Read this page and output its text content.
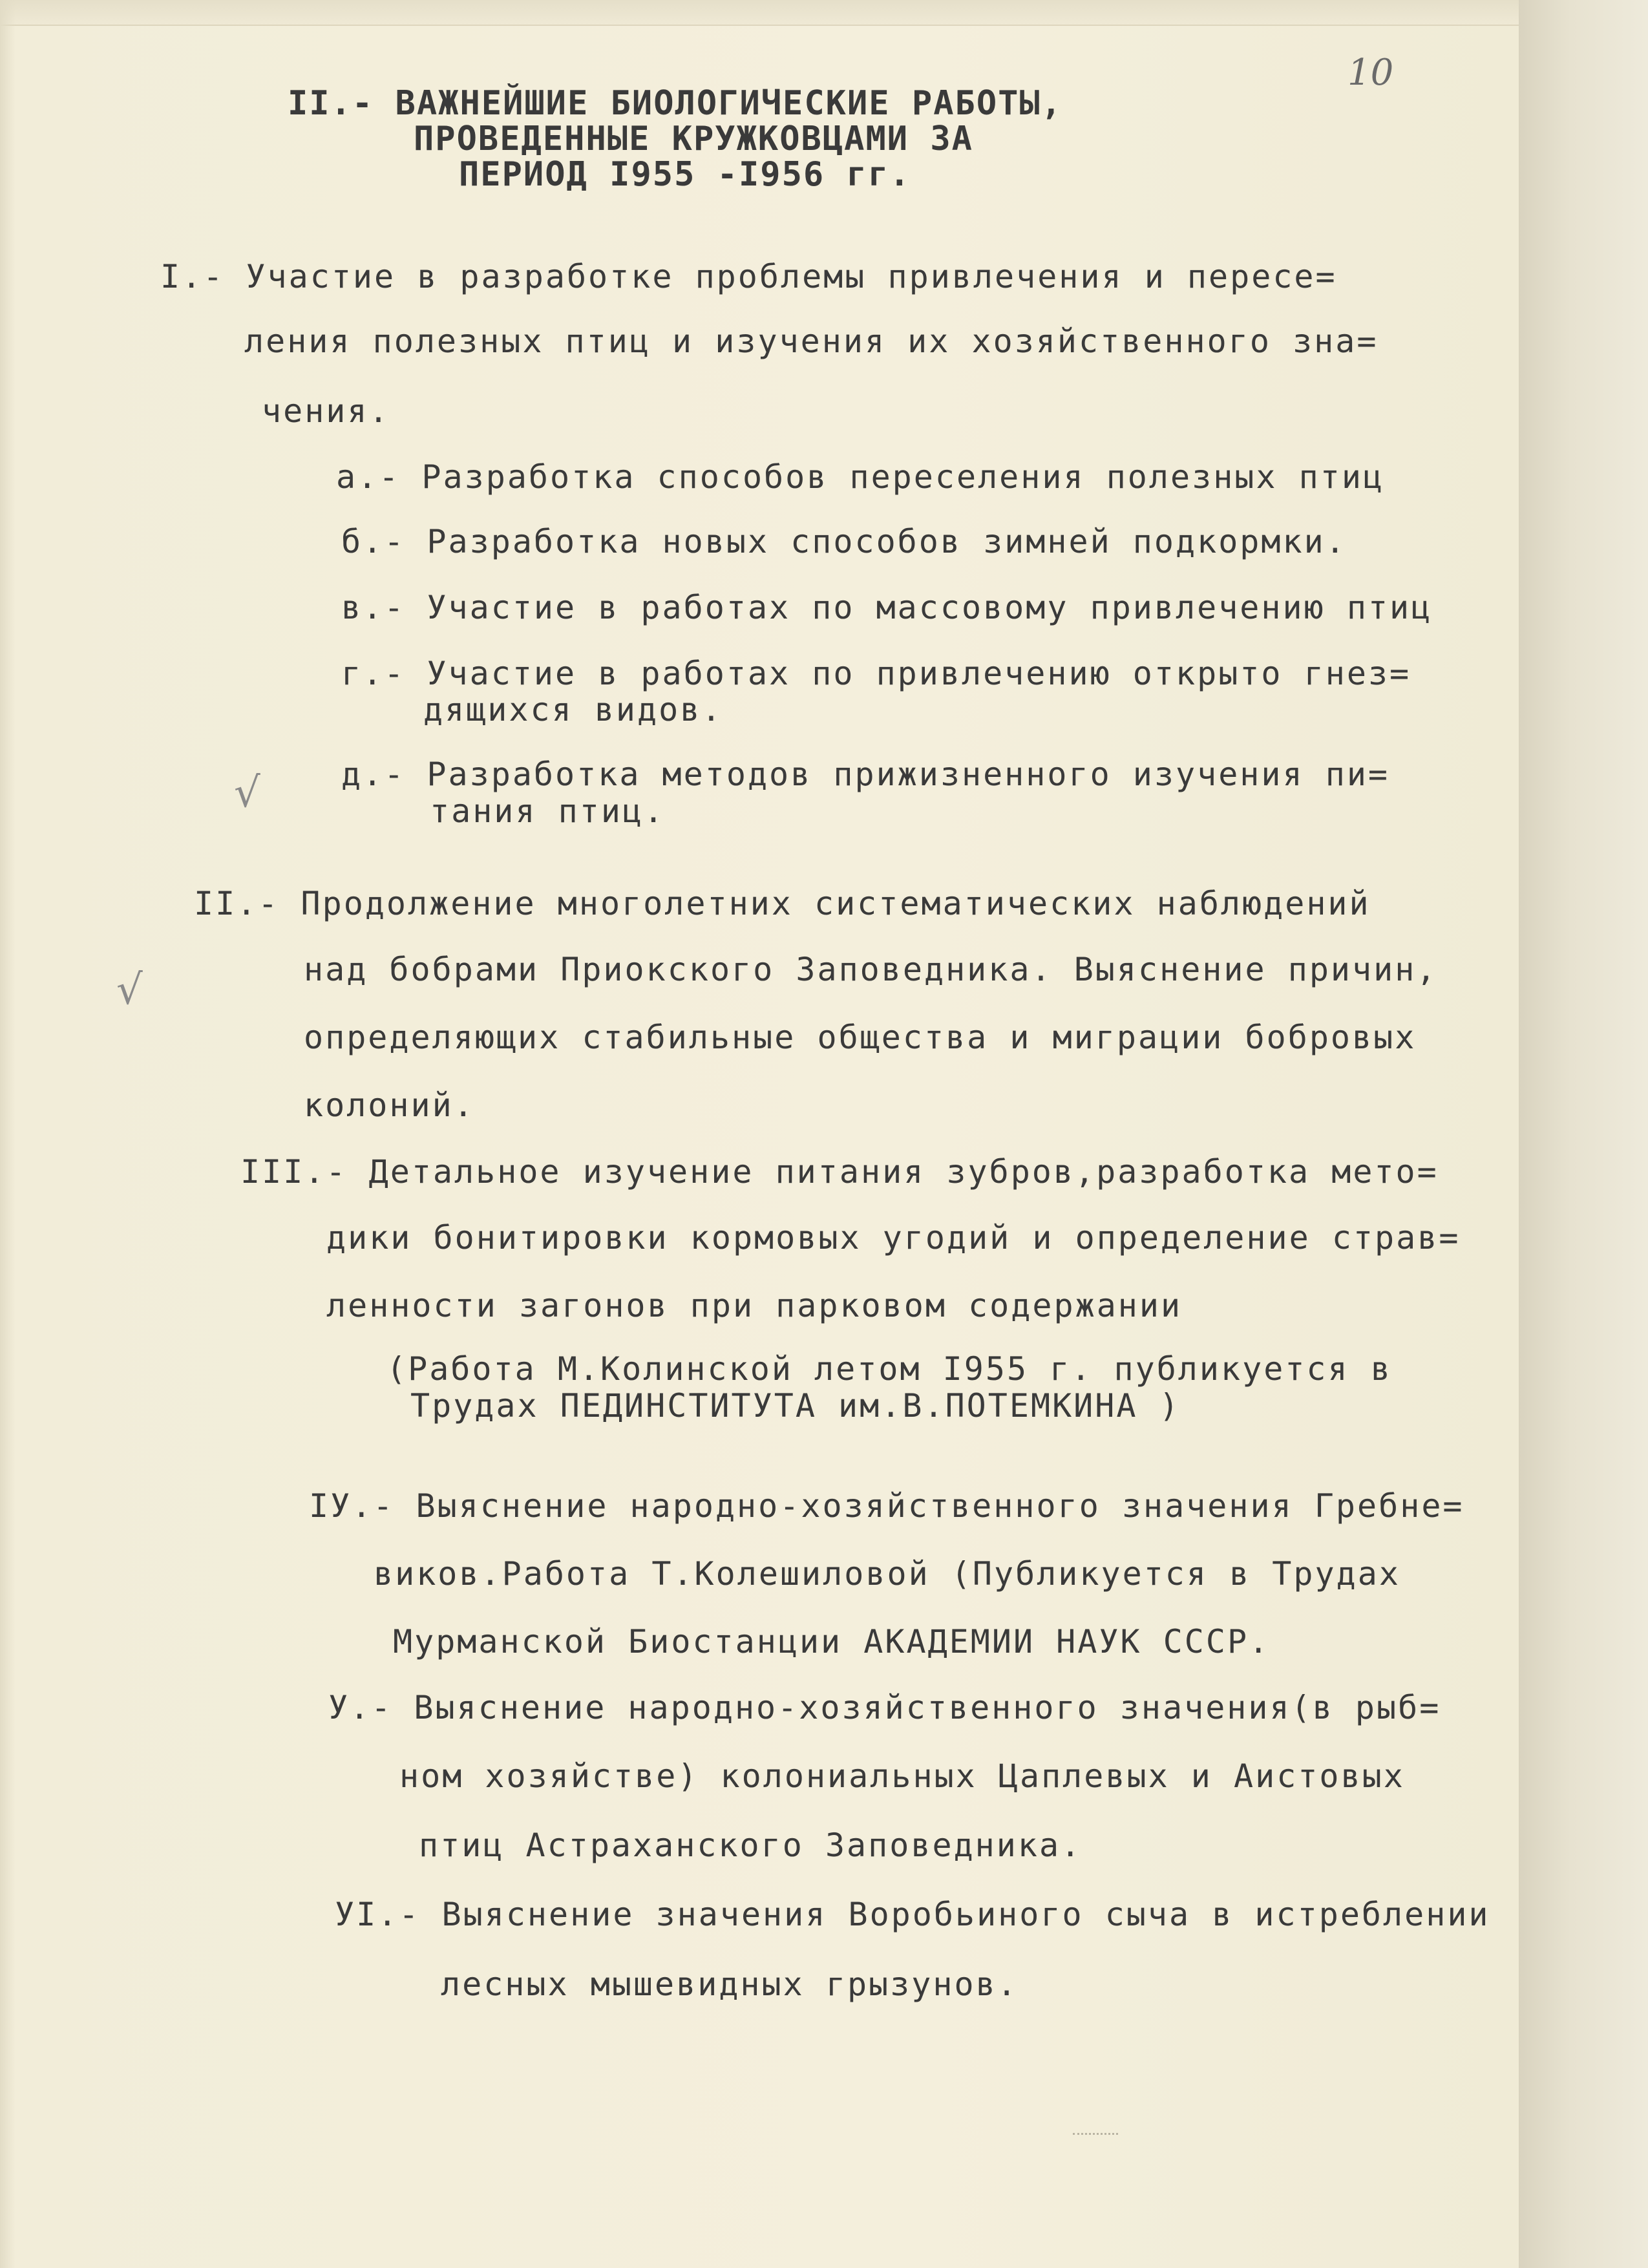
10
II.- ВАЖНЕЙШИЕ БИОЛОГИЧЕСКИЕ РАБОТЫ,
ПРОВЕДЕННЫЕ КРУЖКОВЦАМИ ЗА
ПЕРИОД I955 -I956 гг.
I.- Участие в разработке проблемы привлечения и пересе=
ления полезных птиц и изучения их хозяйственного зна=
чения.
а.- Разработка способов переселения полезных птиц
б.- Разработка новых способов зимней подкормки.
в.- Участие в работах по массовому привлечению птиц
г.- Участие в работах по привлечению открыто гнез=
дящихся видов.
д.- Разработка методов прижизненного изучения пи=
тания птиц.
√
II.- Продолжение многолетних систематических наблюдений
над бобрами Приокского Заповедника. Выяснение причин,
определяющих стабильные общества и миграции бобровых
колоний.
√
III.- Детальное изучение питания зубров,разработка мето=
дики бонитировки кормовых угодий и определение страв=
ленности загонов при парковом содержании
(Работа М.Колинской летом I955 г. публикуется в
Трудах ПЕДИНСТИТУТА им.В.ПОТЕМКИНА )
IУ.- Выяснение народно-хозяйственного значения Гребне=
виков.Работа Т.Колешиловой (Публикуется в Трудах
Мурманской Биостанции АКАДЕМИИ НАУК СССР.
У.- Выяснение народно-хозяйственного значения(в рыб=
ном хозяйстве) колониальных Цаплевых и Аистовых
птиц Астраханского Заповедника.
УI.- Выяснение значения Воробьиного сыча в истреблении
лесных мышевидных грызунов.
